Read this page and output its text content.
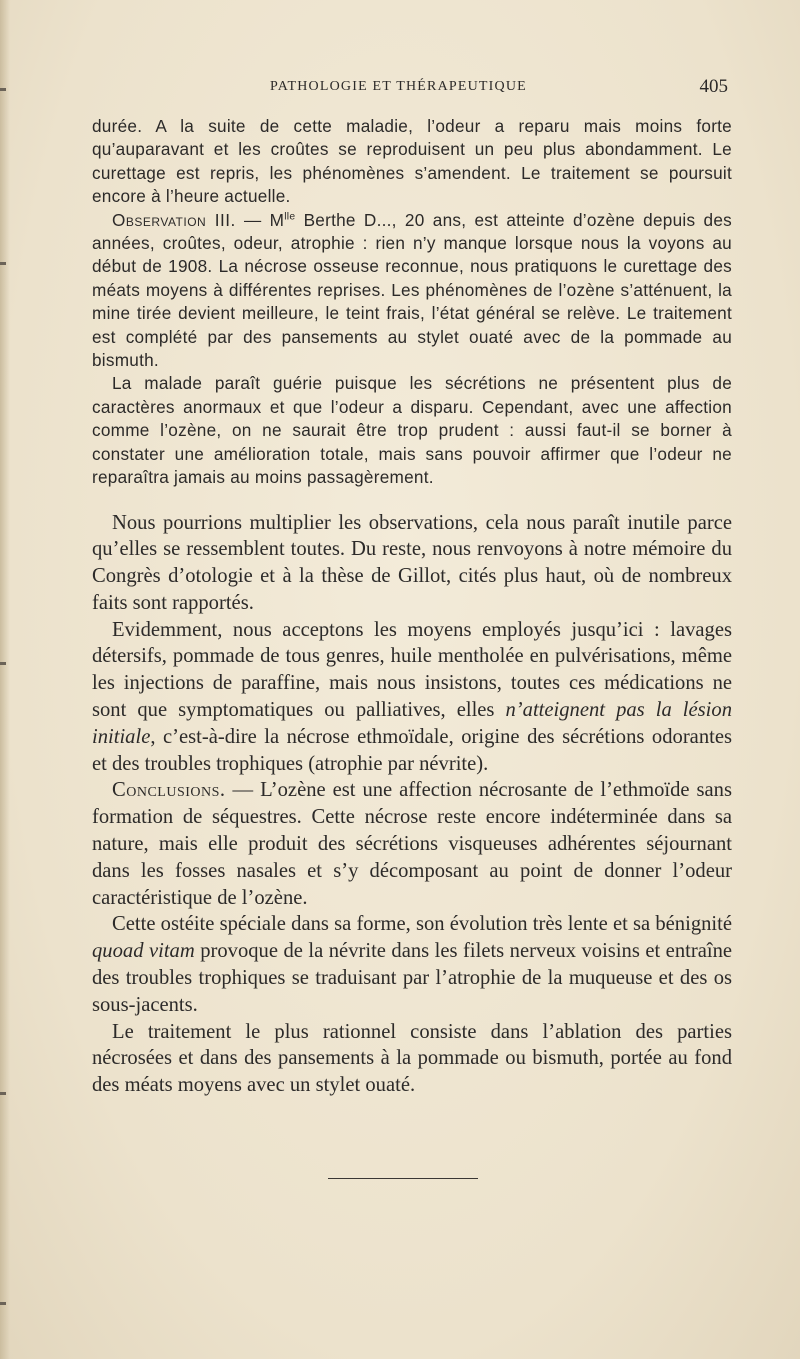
PATHOLOGIE ET THÉRAPEUTIQUE	405

durée. A la suite de cette maladie, l’odeur a reparu mais moins forte qu’auparavant et les croûtes se reproduisent un peu plus abondamment. Le curettage est repris, les phénomènes s’amendent. Le traitement se poursuit encore à l’heure actuelle.

Observation III. — $M^{lle}$ Berthe D..., 20 ans, est atteinte d’ozène depuis des années, croûtes, odeur, atrophie : rien n’y manque lorsque nous la voyons au début de 1908. La nécrose osseuse reconnue, nous pratiquons le curettage des méats moyens à différentes reprises. Les phénomènes de l’ozène s’atténuent, la mine tirée devient meilleure, le teint frais, l’état général se relève. Le traitement est complété par des pansements au stylet ouaté avec de la pommade au bismuth.

La malade paraît guérie puisque les sécrétions ne présentent plus de caractères anormaux et que l’odeur a disparu. Cependant, avec une affection comme l’ozène, on ne saurait être trop prudent : aussi faut-il se borner à constater une amélioration totale, mais sans pouvoir affirmer que l’odeur ne reparaîtra jamais au moins passagèrement.

Nous pourrions multiplier les observations, cela nous paraît inutile parce qu’elles se ressemblent toutes. Du reste, nous renvoyons à notre mémoire du Congrès d’otologie et à la thèse de Gillot, cités plus haut, où de nombreux faits sont rapportés.

Evidemment, nous acceptons les moyens employés jusqu’ici : lavages détersifs, pommade de tous genres, huile mentholée en pulvérisations, même les injections de paraffine, mais nous insistons, toutes ces médications ne sont que symptomatiques ou palliatives, elles n’atteignent pas la lésion initiale, c’est-à-dire la nécrose ethmoïdale, origine des sécrétions odorantes et des troubles trophiques (atrophie par névrite).

Conclusions. — L’ozène est une affection nécrosante de l’ethmoïde sans formation de séquestres. Cette nécrose reste encore indéterminée dans sa nature, mais elle produit des sécrétions visqueuses adhérentes séjournant dans les fosses nasales et s’y décomposant au point de donner l’odeur caractéristique de l’ozène.

Cette ostéite spéciale dans sa forme, son évolution très lente et sa bénignité quoad vitam provoque de la névrite dans les filets nerveux voisins et entraîne des troubles trophiques se traduisant par l’atrophie de la muqueuse et des os sous-jacents.

Le traitement le plus rationnel consiste dans l’ablation des parties nécrosées et dans des pansements à la pommade ou bismuth, portée au fond des méats moyens avec un stylet ouaté.
